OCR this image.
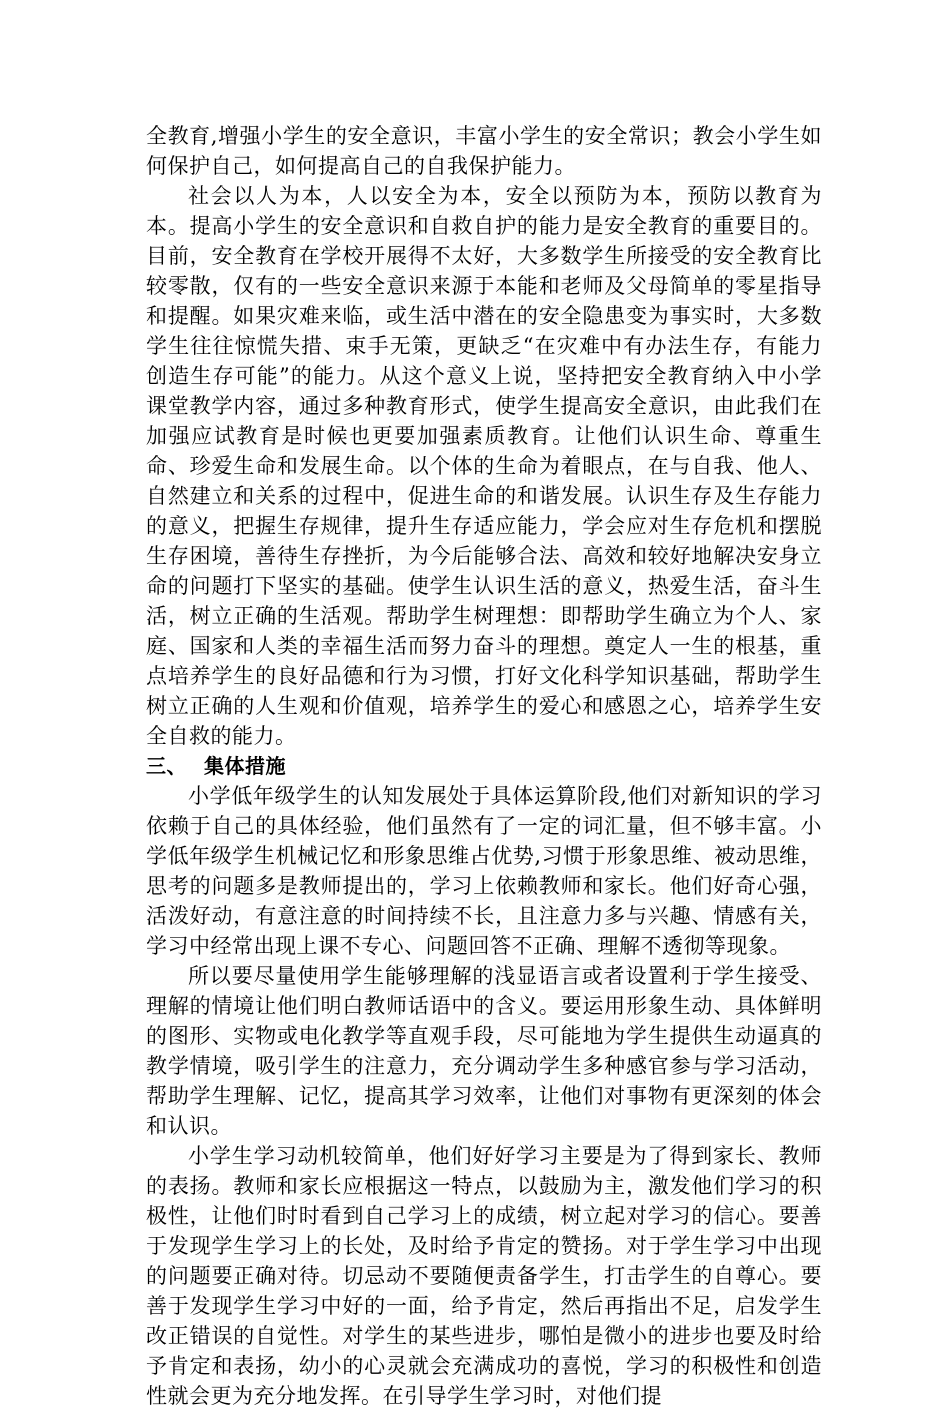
全教育,增强小学生的安全意识，丰富小学生的安全常识；教会小学生如何保护自己，如何提高自己的自我保护能力。

社会以人为本，人以安全为本，安全以预防为本，预防以教育为本。提高小学生的安全意识和自救自护的能力是安全教育的重要目的。目前，安全教育在学校开展得不太好，大多数学生所接受的安全教育比较零散，仅有的一些安全意识来源于本能和老师及父母简单的零星指导和提醒。如果灾难来临，或生活中潜在的安全隐患变为事实时，大多数学生往往惊慌失措、束手无策，更缺乏“在灾难中有办法生存，有能力创造生存可能”的能力。从这个意义上说，坚持把安全教育纳入中小学课堂教学内容，通过多种教育形式，使学生提高安全意识，由此我们在加强应试教育是时候也更要加强素质教育。让他们认识生命、尊重生命、珍爱生命和发展生命。以个体的生命为着眼点，在与自我、他人、自然建立和关系的过程中，促进生命的和谐发展。认识生存及生存能力的意义，把握生存规律，提升生存适应能力，学会应对生存危机和摆脱生存困境，善待生存挫折，为今后能够合法、高效和较好地解决安身立命的问题打下坚实的基础。使学生认识生活的意义，热爱生活，奋斗生活，树立正确的生活观。帮助学生树理想：即帮助学生确立为个人、家庭、国家和人类的幸福生活而努力奋斗的理想。奠定人一生的根基，重点培养学生的良好品德和行为习惯，打好文化科学知识基础，帮助学生树立正确的人生观和价值观，培养学生的爱心和感恩之心，培养学生安全自救的能力。

三、 集体措施

小学低年级学生的认知发展处于具体运算阶段,他们对新知识的学习依赖于自己的具体经验，他们虽然有了一定的词汇量，但不够丰富。小学低年级学生机械记忆和形象思维占优势,习惯于形象思维、被动思维，思考的问题多是教师提出的，学习上依赖教师和家长。他们好奇心强，活泼好动，有意注意的时间持续不长，且注意力多与兴趣、情感有关，学习中经常出现上课不专心、问题回答不正确、理解不透彻等现象。

所以要尽量使用学生能够理解的浅显语言或者设置利于学生接受、理解的情境让他们明白教师话语中的含义。要运用形象生动、具体鲜明的图形、实物或电化教学等直观手段，尽可能地为学生提供生动逼真的教学情境，吸引学生的注意力，充分调动学生多种感官参与学习活动，帮助学生理解、记忆，提高其学习效率，让他们对事物有更深刻的体会和认识。

小学生学习动机较简单，他们好好学习主要是为了得到家长、教师的表扬。教师和家长应根据这一特点，以鼓励为主，激发他们学习的积极性，让他们时时看到自己学习上的成绩，树立起对学习的信心。要善于发现学生学习上的长处，及时给予肯定的赞扬。对于学生学习中出现的问题要正确对待。切忌动不要随便责备学生，打击学生的自尊心。要善于发现学生学习中好的一面，给予肯定，然后再指出不足，启发学生改正错误的自觉性。对学生的某些进步，哪怕是微小的进步也要及时给予肯定和表扬，幼小的心灵就会充满成功的喜悦，学习的积极性和创造性就会更为充分地发挥。在引导学生学习时，对他们提
